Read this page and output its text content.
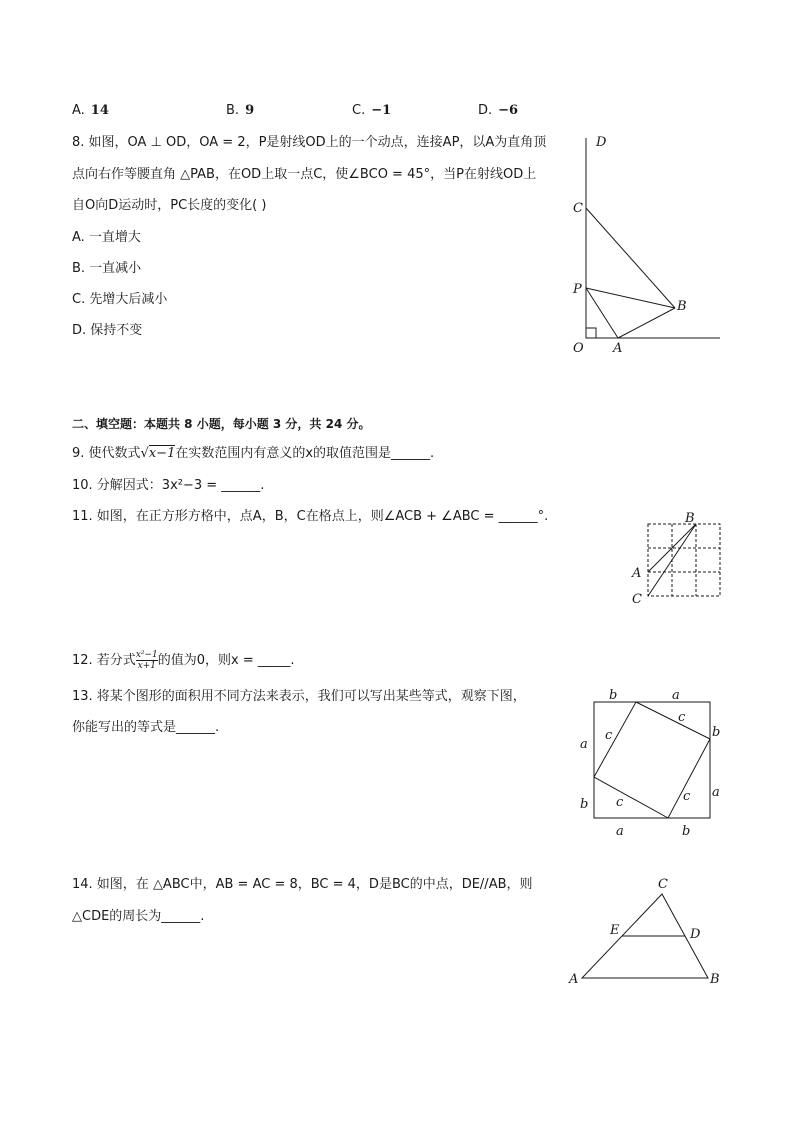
A. 14	B. 9	C. −1	D. −6
8. 如图，OA ⊥ OD，OA = 2，P是射线OD上的一个动点，连接AP，以A为直角顶
点向右作等腰直角 △PAB，在OD上取一点C，使∠BCO = 45°，当P在射线OD上
自O向D运动时，PC长度的变化( )
A. 一直增大
B. 一直减小
C. 先增大后减小
D. 保持不变
D
C
P
B
O A
二、填空题：本题共 8 小题，每小题 3 分，共 24 分。
9. 使代数式√x−1在实数范围内有意义的x的取值范围是______.
10. 分解因式：3x²−3 = ______.
11. 如图，在正方形方格中，点A，B，C在格点上，则∠ACB + ∠ABC = ______°.	B
A
C
12. 若分式 $\frac{\text{x²−1}}{x+1}$ 的值为0，则x = _____.
13. 将某个图形的面积用不同方法来表示，我们可以写出某些等式，观察下图，
你能写出的等式是______.
b	a
c
b
c
a
a
c
b c
a	b
14. 如图，在 △ABC中，AB = AC = 8，BC = 4，D是BC的中点，DE//AB，则
△CDE的周长为______.
C
E	D
A	B
